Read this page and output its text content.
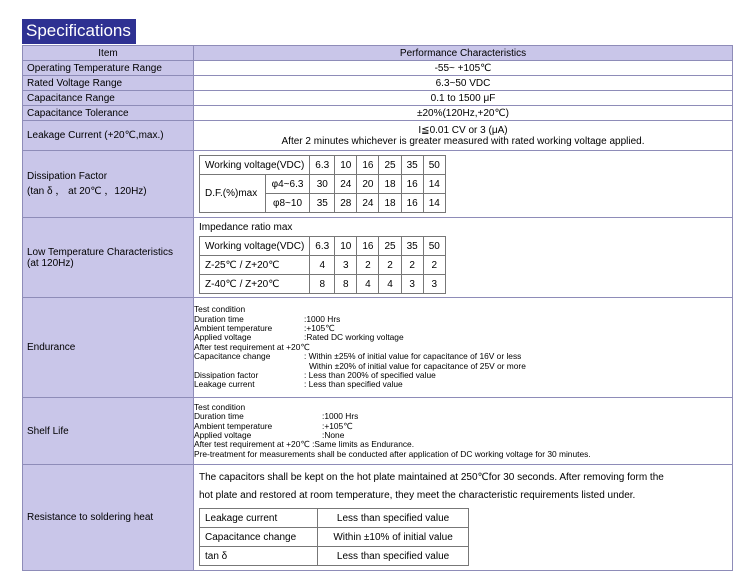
Specifications
Item	Performance Characteristics
Operating Temperature Range	-55~ +105℃
Rated Voltage Range	6.3~50 VDC
Capacitance Range	0.1 to 1500 μF
Capacitance Tolerance	±20%(120Hz,+20℃)
Leakage Current (+20℃,max.)	I≦0.01 CV or 3 (μA)
After 2 minutes whichever is greater measured with rated working voltage applied.

Dissipation Factor
(tan δ ， at 20℃ ，120Hz)

Working voltage(VDC)	6.3	10	16	25	35	50
D.F.(%)max	φ4~6.3	30	24	20	18	16	14
φ8~10	35	28	24	18	16	14

Low Temperature Characteristics
(at 120Hz)

Impedance ratio max
Working voltage(VDC)	6.3	10	16	25	35	50
Z-25℃ / Z+20℃	4	3	2	2	2	2
Z-40℃ / Z+20℃	8	8	4	4	3	3

Endurance	
Test condition
Duration time	:1000 Hrs
Ambient temperature	:+105℃
Applied voltage	:Rated DC working voltage
After test requirement at +20℃
Capacitance change	: Within ±25% of initial value for capacitance of 16V or less
Within ±20% of initial value for capacitance of 25V or more
Dissipation factor	: Less than 200% of specified value
Leakage current	: Less than specified value

Shelf Life	
Test condition
Duration time	:1000 Hrs
Ambient temperature	:+105℃
Applied voltage	:None
After test requirement at +20℃ :Same limits as Endurance.
Pre-treatment for measurements shall be conducted after application of DC working voltage for 30 minutes.

Resistance to soldering heat	
The capacitors shall be kept on the hot plate maintained at 250℃for 30 seconds. After removing form the
hot plate and restored at room temperature, they meet the characteristic requirements listed under.
Leakage current	Less than specified value
Capacitance change	Within ±10% of initial value
tan δ	Less than specified value
